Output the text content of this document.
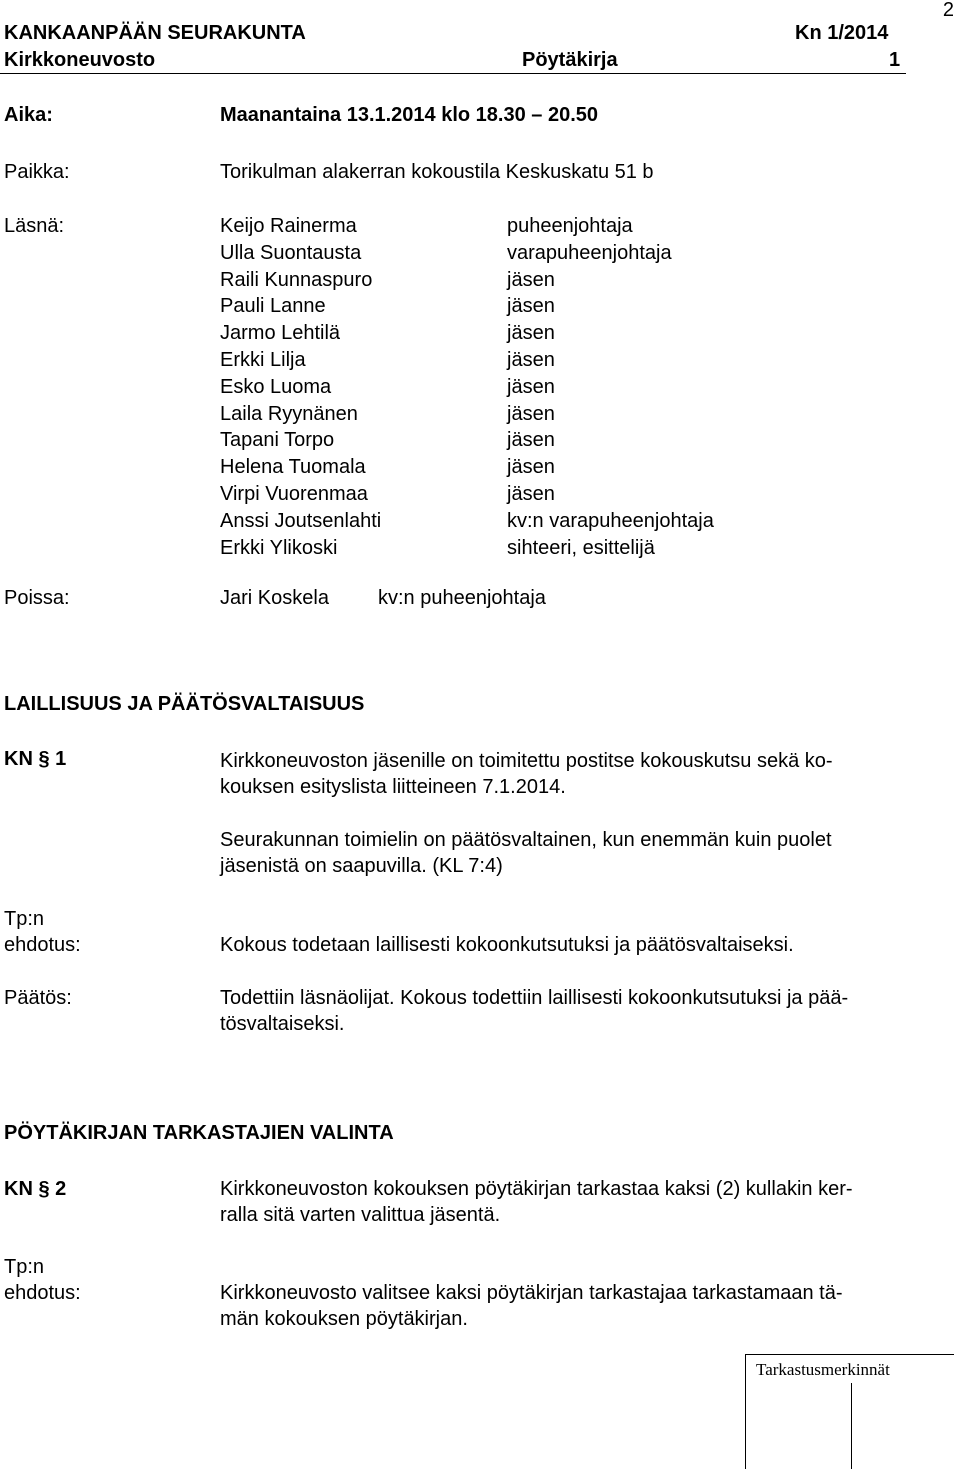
2
KANKAANPÄÄN SEURAKUNTA	Kn 1/2014
Kirkkoneuvosto	Pöytäkirja	1
Aika:	Maanantaina 13.1.2014 klo 18.30 – 20.50
Paikka:	Torikulman alakerran kokoustila Keskuskatu 51 b
Läsnä:	Keijo Rainerma	puheenjohtaja
Ulla Suontausta	varapuheenjohtaja
Raili Kunnaspuro	jäsen
Pauli Lanne	jäsen
Jarmo Lehtilä	jäsen
Erkki Lilja	jäsen
Esko Luoma	jäsen
Laila Ryynänen	jäsen
Tapani Torpo	jäsen
Helena Tuomala	jäsen
Virpi Vuorenmaa	jäsen
Anssi Joutsenlahti	kv:n varapuheenjohtaja
Erkki Ylikoski	sihteeri, esittelijä
Poissa:	Jari Koskela kv:n puheenjohtaja
LAILLISUUS JA PÄÄTÖSVALTAISUUS
KN § 1	Kirkkoneuvoston jäsenille on toimitettu postitse kokouskutsu sekä ko-
kouksen esityslista liitteineen 7.1.2014.
Seurakunnan toimielin on päätösvaltainen, kun enemmän kuin puolet
jäsenistä on saapuvilla. (KL 7:4)
Tp:n
ehdotus:	Kokous todetaan laillisesti kokoonkutsutuksi ja päätösvaltaiseksi.
Päätös:	Todettiin läsnäolijat. Kokous todettiin laillisesti kokoonkutsutuksi ja pää-
tösvaltaiseksi.
PÖYTÄKIRJAN TARKASTAJIEN VALINTA
KN § 2	Kirkkoneuvoston kokouksen pöytäkirjan tarkastaa kaksi (2) kullakin ker-
ralla sitä varten valittua jäsentä.
Tp:n
ehdotus:	Kirkkoneuvosto valitsee kaksi pöytäkirjan tarkastajaa tarkastamaan tä-
män kokouksen pöytäkirjan.
Tarkastusmerkinnät
